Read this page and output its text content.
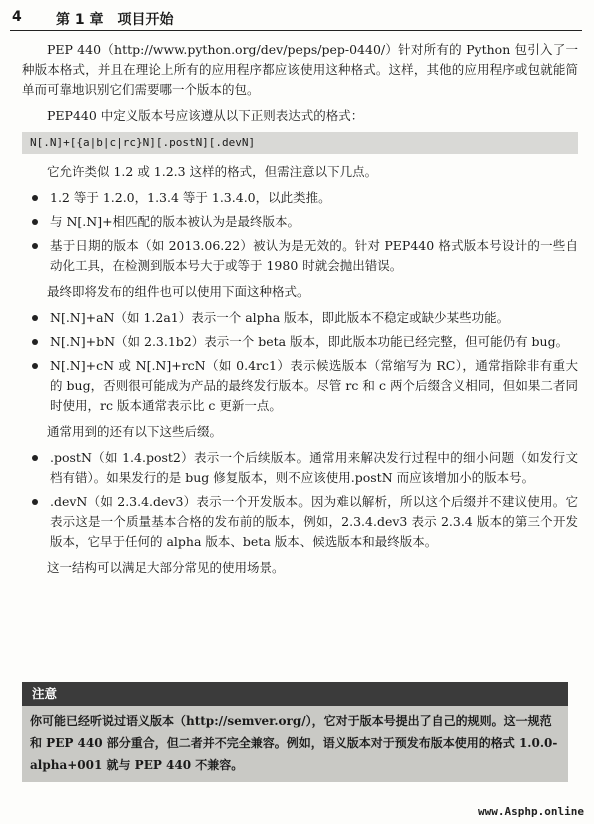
4 第 1 章　项目开始

PEP 440（http://www.python.org/dev/peps/pep-0440/）针对所有的 Python 包引入了一种版本格式，并且在理论上所有的应用程序都应该使用这种格式。这样，其他的应用程序或包就能简单而可靠地识别它们需要哪一个版本的包。

PEP440 中定义版本号应该遵从以下正则表达式的格式：

N[.N]+[{a|b|c|rc}N][.postN][.devN]

它允许类似 1.2 或 1.2.3 这样的格式，但需注意以下几点。

1.2 等于 1.2.0，1.3.4 等于 1.3.4.0，以此类推。
与 N[.N]+相匹配的版本被认为是最终版本。
基于日期的版本（如 2013.06.22）被认为是无效的。针对 PEP440 格式版本号设计的一些自动化工具，在检测到版本号大于或等于 1980 时就会抛出错误。

最终即将发布的组件也可以使用下面这种格式。

N[.N]+aN（如 1.2a1）表示一个 alpha 版本，即此版本不稳定或缺少某些功能。
N[.N]+bN（如 2.3.1b2）表示一个 beta 版本，即此版本功能已经完整，但可能仍有 bug。
N[.N]+cN 或 N[.N]+rcN（如 0.4rc1）表示候选版本（常缩写为 RC），通常指除非有重大的 bug，否则很可能成为产品的最终发行版本。尽管 rc 和 c 两个后缀含义相同，但如果二者同时使用，rc 版本通常表示比 c 更新一点。

通常用到的还有以下这些后缀。

.postN（如 1.4.post2）表示一个后续版本。通常用来解决发行过程中的细小问题（如发行文档有错）。如果发行的是 bug 修复版本，则不应该使用.postN 而应该增加小的版本号。
.devN（如 2.3.4.dev3）表示一个开发版本。因为难以解析，所以这个后缀并不建议使用。它表示这是一个质量基本合格的发布前的版本，例如，2.3.4.dev3 表示 2.3.4 版本的第三个开发版本，它早于任何的 alpha 版本、beta 版本、候选版本和最终版本。

这一结构可以满足大部分常见的使用场景。

注意
你可能已经听说过语义版本（http://semver.org/），它对于版本号提出了自己的规则。这一规范和 PEP 440 部分重合，但二者并不完全兼容。例如，语义版本对于预发布版本使用的格式 1.0.0-alpha+001 就与 PEP 440 不兼容。
www.Asphp.online
